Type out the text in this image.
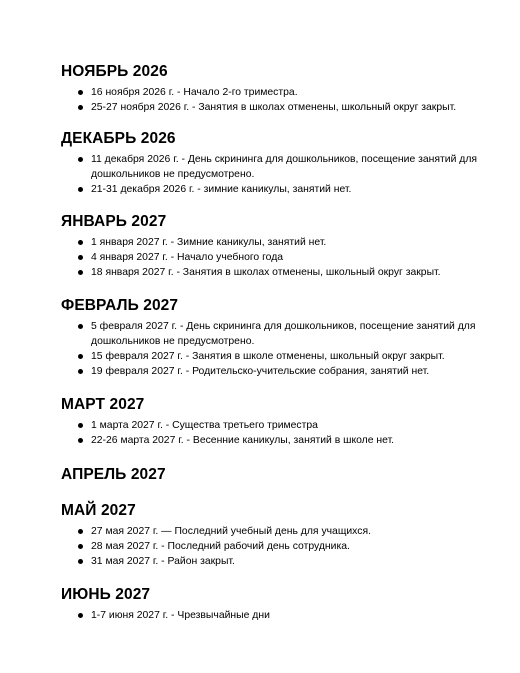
НОЯБРЬ 2026
16 ноября 2026 г. - Начало 2-го триместра.
25-27 ноября 2026 г. - Занятия в школах отменены, школьный округ закрыт.
ДЕКАБРЬ 2026
11 декабря 2026 г. - День скрининга для дошкольников, посещение занятий для дошкольников не предусмотрено.
21-31 декабря 2026 г. - зимние каникулы, занятий нет.
ЯНВАРЬ 2027
1 января 2027 г. - Зимние каникулы, занятий нет.
4 января 2027 г. - Начало учебного года
18 января 2027 г. - Занятия в школах отменены, школьный округ закрыт.
ФЕВРАЛЬ 2027
5 февраля 2027 г. - День скрининга для дошкольников, посещение занятий для дошкольников не предусмотрено.
15 февраля 2027 г. - Занятия в школе отменены, школьный округ закрыт.
19 февраля 2027 г. - Родительско-учительские собрания, занятий нет.
МАРТ 2027
1 марта 2027 г. - Существа третьего триместра
22-26 марта 2027 г. - Весенние каникулы, занятий в школе нет.
АПРЕЛЬ 2027
МАЙ 2027
27 мая 2027 г. — Последний учебный день для учащихся.
28 мая 2027 г. - Последний рабочий день сотрудника.
31 мая 2027 г. - Район закрыт.
ИЮНЬ 2027
1-7 июня 2027 г. - Чрезвычайные дни
